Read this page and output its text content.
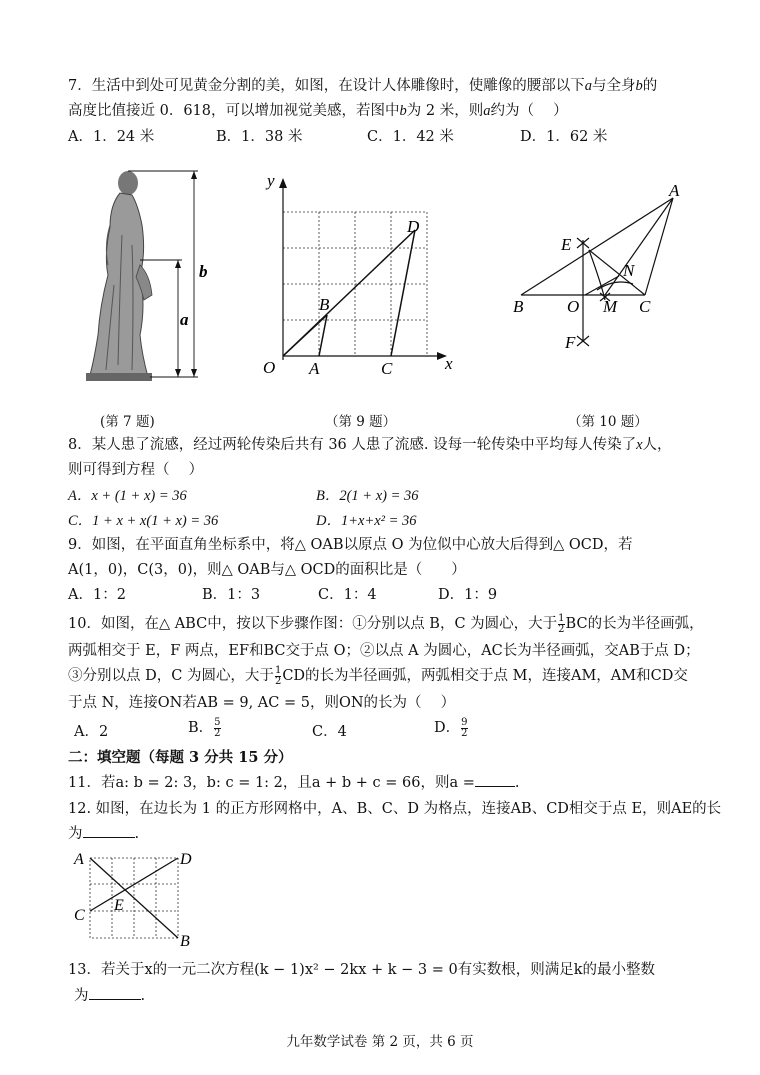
7．生活中到处可见黄金分割的美，如图，在设计人体雕像时，使雕像的腰部以下a与全身b的
高度比值接近 0．618，可以增加视觉美感，若图中b为 2 米，则a约为（　 ）
A．1．24 米	B．1．38 米	C．1．42 米	D．1．62 米
b
a
y
x
O A
B
C
D
A
B	C
E
F
O M
N
(第 7 题)	（第 9 题）	（第 10 题）
8．某人患了流感，经过两轮传染后共有 36 人患了流感. 设每一轮传染中平均每人传染了x人，
则可得到方程（　 ）
A．x + (1 + x) = 36	B．2(1 + x) = 36
C．1 + x + x(1 + x) = 36	D．1+x+x² = 36
9．如图，在平面直角坐标系中，将△ OAB以原点 O 为位似中心放大后得到△ OCD，若
A(1，0)，C(3，0)，则△ OAB与△ OCD的面积比是（　　）
A．1：2	B．1：3	C．1：4	D．1：9
10．如图，在△ ABC中，按以下步骤作图：①分别以点 B，C 为圆心，大于 $\frac{1}{2}$ BC的长为半径画弧，
两弧相交于 E，F 两点，EF和BC交于点 O；②以点 A 为圆心，AC长为半径画弧，交AB于点 D；
③分别以点 D，C 为圆心，大于 $\frac{1}{2}$ CD的长为半径画弧，两弧相交于点 M，连接AM，AM和CD交
于点 N，连接ON若AB = 9, AC = 5，则ON的长为（　 ）
A．2	B． $\frac{5}{2}$	C．4	D． $\frac{9}{2}$
二：填空题（每题 3 分共 15 分）
11．若a: b = 2: 3，b: c = 1: 2，且a + b + c = 66，则a =	.
12. 如图，在边长为 1 的正方形网格中，A、B、C、D 为格点，连接AB、CD相交于点 E，则AE的长
为	.
A	D
C
B
E
13．若关于x的一元二次方程(k − 1)x² − 2kx + k − 3 = 0有实数根，则满足k的最小整数
为	.
九年数学试卷 第 2 页，共 6 页
